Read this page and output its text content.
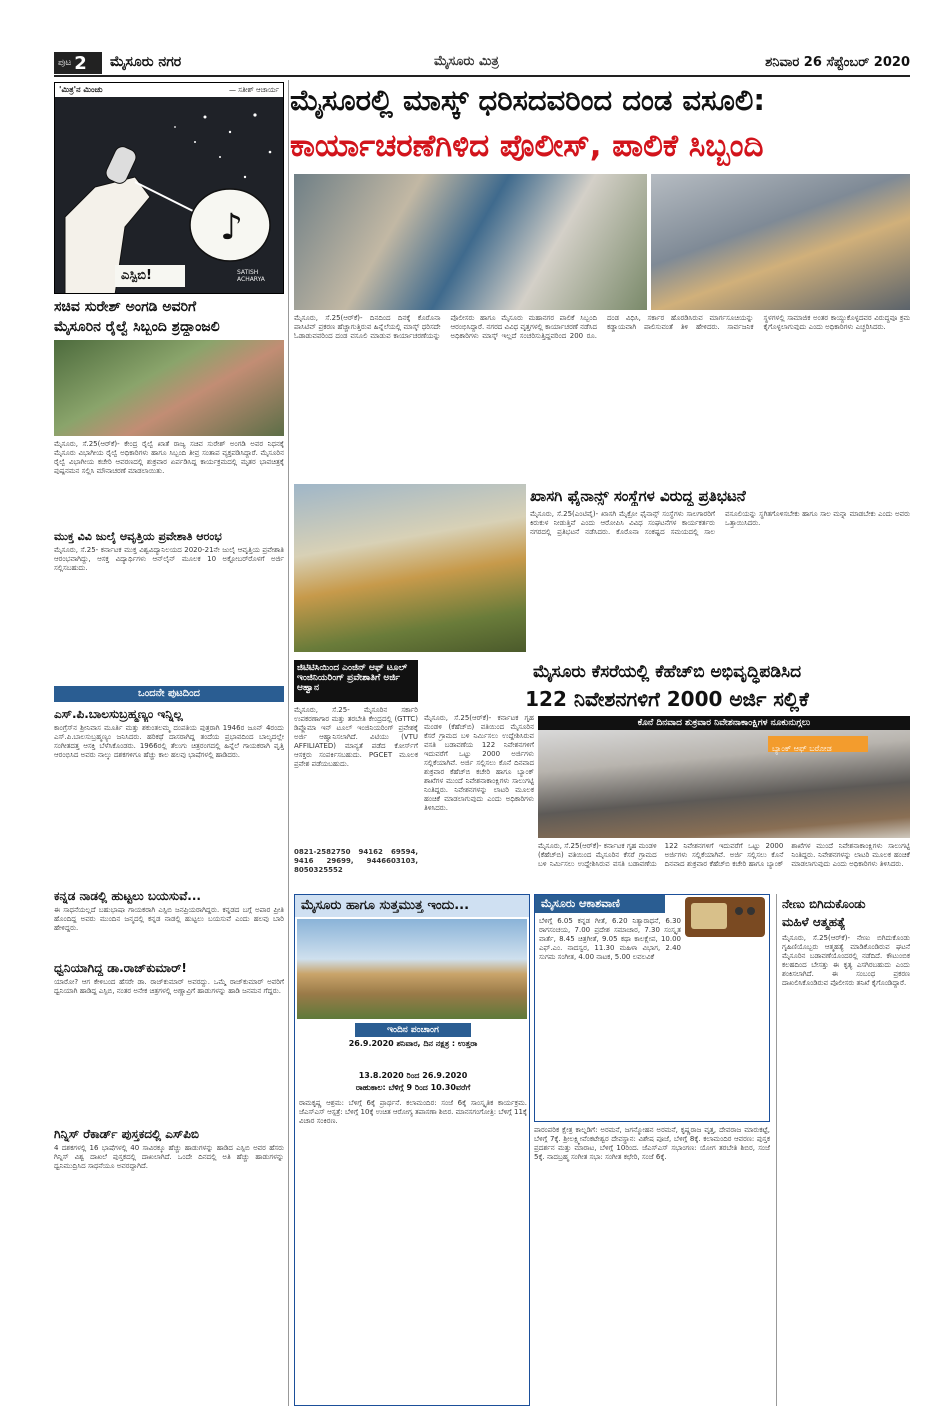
ಪುಟ 2 ಮೈಸೂರು ನಗರ	ಮೈಸೂರು ಮಿತ್ರ	ಶನಿವಾರ 26 ಸೆಪ್ಟೆಂಬರ್ 2020
'ಮಿತ್ರ'ನ ಮಿಂಚು	— ಸತೀಶ್ ಆಚಾರ್ಯ
♪
ಎಸ್ಪಿಬಿ!	SATISH ACHARYA
ಮೈಸೂರಲ್ಲಿ ಮಾಸ್ಕ್ ಧರಿಸದವರಿಂದ ದಂಡ ವಸೂಲಿ:
ಕಾರ್ಯಾಚರಣೆಗಿಳಿದ ಪೊಲೀಸ್, ಪಾಲಿಕೆ ಸಿಬ್ಬಂದಿ
ಮೈಸೂರು, ಸೆ.25(ಆರ್‌ಕೆ)- ದಿನದಿಂದ ದಿನಕ್ಕೆ ಕೊರೊನಾ ಪಾಸಿಟಿವ್ ಪ್ರಕರಣ ಹೆಚ್ಚಾಗುತ್ತಿರುವ ಹಿನ್ನೆಲೆಯಲ್ಲಿ ಮಾಸ್ಕ್ ಧರಿಸದೇ ಓಡಾಡುವವರಿಂದ ದಂಡ ವಸೂಲಿ ಮಾಡುವ ಕಾರ್ಯಾಚರಣೆಯನ್ನು ಪೊಲೀಸರು ಹಾಗೂ ಮೈಸೂರು ಮಹಾನಗರ ಪಾಲಿಕೆ ಸಿಬ್ಬಂದಿ ಆರಂಭಿಸಿದ್ದಾರೆ. ನಗರದ ವಿವಿಧ ವೃತ್ತಗಳಲ್ಲಿ ಕಾರ್ಯಾಚರಣೆ ನಡೆಸಿದ ಅಧಿಕಾರಿಗಳು ಮಾಸ್ಕ್ ಇಲ್ಲದೆ ಸಂಚರಿಸುತ್ತಿದ್ದವರಿಂದ 200 ರೂ. ದಂಡ ವಿಧಿಸಿ, ಸರ್ಕಾರ ಹೊರಡಿಸಿರುವ ಮಾರ್ಗಸೂಚಿಯನ್ನು ಕಡ್ಡಾಯವಾಗಿ ಪಾಲಿಸುವಂತೆ ತಿಳಿ ಹೇಳಿದರು. ಸಾರ್ವಜನಿಕ ಸ್ಥಳಗಳಲ್ಲಿ ಸಾಮಾಜಿಕ ಅಂತರ ಕಾಯ್ದುಕೊಳ್ಳದವರ ವಿರುದ್ಧವೂ ಕ್ರಮ ಕೈಗೊಳ್ಳಲಾಗುವುದು ಎಂದು ಅಧಿಕಾರಿಗಳು ಎಚ್ಚರಿಸಿದರು.
ಸಚಿವ ಸುರೇಶ್ ಅಂಗಡಿ ಅವರಿಗೆ
ಮೈಸೂರಿನ ರೈಲ್ವೆ ಸಿಬ್ಬಂದಿ ಶ್ರದ್ಧಾಂಜಲಿ
ಮೈಸೂರು, ಸೆ.25(ಆರ್‌ಕೆ)- ಕೇಂದ್ರ ರೈಲ್ವೆ ಖಾತೆ ರಾಜ್ಯ ಸಚಿವ ಸುರೇಶ್ ಅಂಗಡಿ ಅವರ ನಿಧನಕ್ಕೆ ಮೈಸೂರು ವಿಭಾಗೀಯ ರೈಲ್ವೆ ಅಧಿಕಾರಿಗಳು ಹಾಗೂ ಸಿಬ್ಬಂದಿ ತೀವ್ರ ಸಂತಾಪ ವ್ಯಕ್ತಪಡಿಸಿದ್ದಾರೆ. ಮೈಸೂರಿನ ರೈಲ್ವೆ ವಿಭಾಗೀಯ ಕಚೇರಿ ಆವರಣದಲ್ಲಿ ಶುಕ್ರವಾರ ಏರ್ಪಡಿಸಿದ್ದ ಕಾರ್ಯಕ್ರಮದಲ್ಲಿ ಮೃತರ ಭಾವಚಿತ್ರಕ್ಕೆ ಪುಷ್ಪನಮನ ಸಲ್ಲಿಸಿ ಮೌನಾಚರಣೆ ಮಾಡಲಾಯಿತು.
ಮುಕ್ತ ವಿವಿ ಜುಲೈ ಆವೃತ್ತಿಯ ಪ್ರವೇಶಾತಿ ಆರಂಭ
ಮೈಸೂರು, ಸೆ.25- ಕರ್ನಾಟಕ ಮುಕ್ತ ವಿಶ್ವವಿದ್ಯಾನಿಲಯದ 2020-21ನೇ ಜುಲೈ ಆವೃತ್ತಿಯ ಪ್ರವೇಶಾತಿ ಆರಂಭವಾಗಿದ್ದು, ಆಸಕ್ತ ವಿದ್ಯಾರ್ಥಿಗಳು ಆನ್‌ಲೈನ್ ಮೂಲಕ 10 ಅಕ್ಟೋಬರ್‌ರೊಳಗೆ ಅರ್ಜಿ ಸಲ್ಲಿಸಬಹುದು.
ಒಂದನೇ ಪುಟದಿಂದ
ಎಸ್.ಪಿ.ಬಾಲಸುಬ್ರಹ್ಮಣ್ಯಂ ಇನ್ನಿಲ್ಲ
ಕಾಂಗ್ರೆಸ್‌ನ ಶ್ರೀನಿವಾಸ ಮೂರ್ತಿ ಮತ್ತು ಶಕುಂತಲಮ್ಮ ದಂಪತಿಯ ಪುತ್ರರಾಗಿ 1946ರ ಜೂನ್ 4ರಂದು ಎಸ್.ಪಿ.ಬಾಲಸುಬ್ರಹ್ಮಣ್ಯಂ ಜನಿಸಿದರು. ಹರಿಕಥೆ ದಾಸರಾಗಿದ್ದ ತಂದೆಯ ಪ್ರಭಾವದಿಂದ ಬಾಲ್ಯದಲ್ಲೇ ಸಂಗೀತದತ್ತ ಆಸಕ್ತಿ ಬೆಳೆಸಿಕೊಂಡರು. 1966ರಲ್ಲಿ ತೆಲುಗು ಚಿತ್ರರಂಗದಲ್ಲಿ ಹಿನ್ನೆಲೆ ಗಾಯಕರಾಗಿ ವೃತ್ತಿ ಆರಂಭಿಸಿದ ಅವರು ನಾಲ್ಕು ದಶಕಗಳಿಗೂ ಹೆಚ್ಚು ಕಾಲ ಹಲವು ಭಾಷೆಗಳಲ್ಲಿ ಹಾಡಿದರು.
ಕನ್ನಡ ನಾಡಲ್ಲಿ ಹುಟ್ಟಲು ಬಯಸುವೆ...
ಈ ಸಾಧನೆಯಲ್ಲದೆ ಬಹುಭಾಷಾ ಗಾಯಕರಾಗಿ ಎಸ್ಪಿಬಿ ಜನಪ್ರಿಯರಾಗಿದ್ದರು. ಕನ್ನಡದ ಬಗ್ಗೆ ಅಪಾರ ಪ್ರೀತಿ ಹೊಂದಿದ್ದ ಅವರು ಮುಂದಿನ ಜನ್ಮದಲ್ಲಿ ಕನ್ನಡ ನಾಡಲ್ಲಿ ಹುಟ್ಟಲು ಬಯಸುವೆ ಎಂದು ಹಲವು ಬಾರಿ ಹೇಳಿದ್ದರು.
ಧ್ವನಿಯಾಗಿದ್ದ ಡಾ.ರಾಜ್‌ಕುಮಾರ್!
ಯಾರೋ? ಆಗ ಕೇಳಿಬಂದ ಹೆಸರೇ ಡಾ. ರಾಜ್‌ಕುಮಾರ್ ಅವರದ್ದು. ಒಮ್ಮೆ ರಾಜ್‌ಕುಮಾರ್ ಅವರಿಗೆ ಧ್ವನಿಯಾಗಿ ಹಾಡಿದ್ದ ಎಸ್ಪಿಬಿ, ನಂತರ ಅನೇಕ ಚಿತ್ರಗಳಲ್ಲಿ ಅಣ್ಣಾವ್ರಿಗೆ ಹಾಡುಗಳನ್ನು ಹಾಡಿ ಜನಮನ ಗೆದ್ದರು.
ಗಿನ್ನಿಸ್ ರೆಕಾರ್ಡ್ ಪುಸ್ತಕದಲ್ಲಿ ಎಸ್‌ಪಿಬಿ
4 ದಶಕಗಳಲ್ಲಿ 16 ಭಾಷೆಗಳಲ್ಲಿ 40 ಸಾವಿರಕ್ಕೂ ಹೆಚ್ಚು ಹಾಡುಗಳನ್ನು ಹಾಡಿದ ಎಸ್ಪಿಬಿ ಅವರ ಹೆಸರು ಗಿನ್ನಿಸ್ ವಿಶ್ವ ದಾಖಲೆ ಪುಸ್ತಕದಲ್ಲಿ ದಾಖಲಾಗಿದೆ. ಒಂದೇ ದಿನದಲ್ಲಿ ಅತಿ ಹೆಚ್ಚು ಹಾಡುಗಳನ್ನು ಧ್ವನಿಮುದ್ರಿಸಿದ ಸಾಧನೆಯೂ ಅವರದ್ದಾಗಿದೆ.
ಖಾಸಗಿ ಫೈನಾನ್ಸ್ ಸಂಸ್ಥೆಗಳ ವಿರುದ್ಧ ಪ್ರತಿಭಟನೆ
ಮೈಸೂರು, ಸೆ.25(ಎಂಟಿವೈ)- ಖಾಸಗಿ ಮೈಕ್ರೋ ಫೈನಾನ್ಸ್ ಸಂಸ್ಥೆಗಳು ಸಾಲಗಾರರಿಗೆ ಕಿರುಕುಳ ನೀಡುತ್ತಿವೆ ಎಂದು ಆರೋಪಿಸಿ ವಿವಿಧ ಸಂಘಟನೆಗಳ ಕಾರ್ಯಕರ್ತರು ನಗರದಲ್ಲಿ ಪ್ರತಿಭಟನೆ ನಡೆಸಿದರು. ಕೊರೊನಾ ಸಂಕಷ್ಟದ ಸಮಯದಲ್ಲಿ ಸಾಲ ವಸೂಲಿಯನ್ನು ಸ್ಥಗಿತಗೊಳಿಸಬೇಕು ಹಾಗೂ ಸಾಲ ಮನ್ನಾ ಮಾಡಬೇಕು ಎಂದು ಅವರು ಒತ್ತಾಯಿಸಿದರು.
ಜಿಟಿಟಿಸಿಯಿಂದ ಎಂಜಿನ್ ಆಫ್ ಟೂಲ್ ಇಂಜಿನಿಯರಿಂಗ್ ಪ್ರವೇಶಾತಿಗೆ ಅರ್ಜಿ ಆಹ್ವಾನ
ಮೈಸೂರು, ಸೆ.25- ಮೈಸೂರಿನ ಸರ್ಕಾರಿ ಉಪಕರಣಾಗಾರ ಮತ್ತು ತರಬೇತಿ ಕೇಂದ್ರದಲ್ಲಿ (GTTC) ಡಿಪ್ಲೊಮಾ ಇನ್ ಟೂಲ್ ಇಂಜಿನಿಯರಿಂಗ್ ಪ್ರವೇಶಕ್ಕೆ ಅರ್ಜಿ ಆಹ್ವಾನಿಸಲಾಗಿದೆ. ವಿಟಿಯು (VTU AFFILIATED) ಮಾನ್ಯತೆ ಪಡೆದ ಕೋರ್ಸ್‌ಗೆ ಆಸಕ್ತರು ಸಂಪರ್ಕಿಸಬಹುದು. PGCET ಮೂಲಕ ಪ್ರವೇಶ ಪಡೆಯಬಹುದು.
0821-2582750 94162 69594, 9416 29699, 9446603103, 8050325552
ಮೈಸೂರು ಕೆಸರೆಯಲ್ಲಿ ಕೆಹೆಚ್‌ಬಿ ಅಭಿವೃದ್ಧಿಪಡಿಸಿದ
122 ನಿವೇಶನಗಳಿಗೆ 2000 ಅರ್ಜಿ ಸಲ್ಲಿಕೆ
ಮೈಸೂರು, ಸೆ.25(ಆರ್‌ಕೆ)- ಕರ್ನಾಟಕ ಗೃಹ ಮಂಡಳಿ (ಕೆಹೆಚ್‌ಬಿ) ವತಿಯಿಂದ ಮೈಸೂರಿನ ಕೆಸರೆ ಗ್ರಾಮದ ಬಳಿ ನಿರ್ಮಿಸಲು ಉದ್ದೇಶಿಸಿರುವ ವಸತಿ ಬಡಾವಣೆಯ 122 ನಿವೇಶನಗಳಿಗೆ ಇದುವರೆಗೆ ಒಟ್ಟು 2000 ಅರ್ಜಿಗಳು ಸಲ್ಲಿಕೆಯಾಗಿವೆ. ಅರ್ಜಿ ಸಲ್ಲಿಸಲು ಕೊನೆ ದಿನವಾದ ಶುಕ್ರವಾರ ಕೆಹೆಚ್‌ಬಿ ಕಚೇರಿ ಹಾಗೂ ಬ್ಯಾಂಕ್ ಶಾಖೆಗಳ ಮುಂದೆ ನಿವೇಶನಾಕಾಂಕ್ಷಿಗಳು ಸಾಲುಗಟ್ಟಿ ನಿಂತಿದ್ದರು. ನಿವೇಶನಗಳನ್ನು ಲಾಟರಿ ಮೂಲಕ ಹಂಚಿಕೆ ಮಾಡಲಾಗುವುದು ಎಂದು ಅಧಿಕಾರಿಗಳು ತಿಳಿಸಿದರು.
ಕೊನೆ ದಿನವಾದ ಶುಕ್ರವಾರ ನಿವೇಶನಾಕಾಂಕ್ಷಿಗಳ ನೂಕುನುಗ್ಗಲು
ಬ್ಯಾಂಕ್ ಆಫ್ ಬರೋಡ
ಮೈಸೂರು, ಸೆ.25(ಆರ್‌ಕೆ)- ಕರ್ನಾಟಕ ಗೃಹ ಮಂಡಳಿ (ಕೆಹೆಚ್‌ಬಿ) ವತಿಯಿಂದ ಮೈಸೂರಿನ ಕೆಸರೆ ಗ್ರಾಮದ ಬಳಿ ನಿರ್ಮಿಸಲು ಉದ್ದೇಶಿಸಿರುವ ವಸತಿ ಬಡಾವಣೆಯ 122 ನಿವೇಶನಗಳಿಗೆ ಇದುವರೆಗೆ ಒಟ್ಟು 2000 ಅರ್ಜಿಗಳು ಸಲ್ಲಿಕೆಯಾಗಿವೆ. ಅರ್ಜಿ ಸಲ್ಲಿಸಲು ಕೊನೆ ದಿನವಾದ ಶುಕ್ರವಾರ ಕೆಹೆಚ್‌ಬಿ ಕಚೇರಿ ಹಾಗೂ ಬ್ಯಾಂಕ್ ಶಾಖೆಗಳ ಮುಂದೆ ನಿವೇಶನಾಕಾಂಕ್ಷಿಗಳು ಸಾಲುಗಟ್ಟಿ ನಿಂತಿದ್ದರು. ನಿವೇಶನಗಳನ್ನು ಲಾಟರಿ ಮೂಲಕ ಹಂಚಿಕೆ ಮಾಡಲಾಗುವುದು ಎಂದು ಅಧಿಕಾರಿಗಳು ತಿಳಿಸಿದರು.
ಮೈಸೂರು ಹಾಗೂ ಸುತ್ತಮುತ್ತ ಇಂದು...
ಇಂದಿನ ಪಂಚಾಂಗ
26.9.2020 ಶನಿವಾರ, ದಿನ ನಕ್ಷತ್ರ : ಉತ್ತರಾ
ರಾಹುಕಾಲ: ಬೆಳಿಗ್ಗೆ 9 ರಿಂದ 10.30ವರೆಗೆ
13.8.2020 ರಿಂದ 26.9.2020
ರಾಮಕೃಷ್ಣ ಆಶ್ರಮ: ಬೆಳಿಗ್ಗೆ 6ಕ್ಕೆ ಪ್ರಾರ್ಥನೆ. ಕಲಾಮಂದಿರ: ಸಂಜೆ 6ಕ್ಕೆ ಸಾಂಸ್ಕೃತಿಕ ಕಾರ್ಯಕ್ರಮ. ಜೆಎಸ್‌ಎಸ್ ಆಸ್ಪತ್ರೆ: ಬೆಳಿಗ್ಗೆ 10ಕ್ಕೆ ಉಚಿತ ಆರೋಗ್ಯ ತಪಾಸಣಾ ಶಿಬಿರ. ಮಾನಸಗಂಗೋತ್ರಿ: ಬೆಳಿಗ್ಗೆ 11ಕ್ಕೆ ವಿಚಾರ ಸಂಕಿರಣ.
ಮೈಸೂರು ಆಕಾಶವಾಣಿ
ಬೆಳಿಗ್ಗೆ 6.05 ಕನ್ನಡ ಗೀತೆ, 6.20 ನಿತ್ಯಾರಾಧನೆ, 6.30 ರಾಗಸಂಚಯ, 7.00 ಪ್ರದೇಶ ಸಮಾಚಾರ, 7.30 ಸಂಸ್ಕೃತ ವಾರ್ತೆ, 8.45 ಚಿತ್ರಗೀತೆ, 9.05 ಕಥಾ ಕಾಲಕ್ಷೇಪ, 10.00 ಎಫ್.ಎಂ. ನಾದಸ್ವರ, 11.30 ಮಹಿಳಾ ವಿಭಾಗ, 2.40 ಸುಗಮ ಸಂಗೀತ, 4.00 ನಾಟಕ, 5.00 ಲವಲವಿಕೆ
ನೇಣು ಬಿಗಿದುಕೊಂಡು
ಮಹಿಳೆ ಆತ್ಮಹತ್ಯೆ
ಮೈಸೂರು, ಸೆ.25(ಆರ್‌ಕೆ)- ನೇಣು ಬಿಗಿದುಕೊಂಡು ಗೃಹಿಣಿಯೊಬ್ಬರು ಆತ್ಮಹತ್ಯೆ ಮಾಡಿಕೊಂಡಿರುವ ಘಟನೆ ಮೈಸೂರಿನ ಬಡಾವಣೆಯೊಂದರಲ್ಲಿ ನಡೆದಿದೆ. ಕೌಟುಂಬಿಕ ಕಲಹದಿಂದ ಬೇಸತ್ತು ಈ ಕೃತ್ಯ ಎಸಗಿರಬಹುದು ಎಂದು ಶಂಕಿಸಲಾಗಿದೆ. ಈ ಸಂಬಂಧ ಪ್ರಕರಣ ದಾಖಲಿಸಿಕೊಂಡಿರುವ ಪೊಲೀಸರು ತನಿಖೆ ಕೈಗೊಂಡಿದ್ದಾರೆ.
ಪಾರಂಪರಿಕ ಕ್ಷೇತ್ರ ಕಾಲ್ನಡಿಗೆ: ಅರಮನೆ, ಜಗನ್ಮೋಹನ ಅರಮನೆ, ಕೃಷ್ಣರಾಜ ವೃತ್ತ, ದೇವರಾಜ ಮಾರುಕಟ್ಟೆ, ಬೆಳಿಗ್ಗೆ 7ಕ್ಕೆ. ಶ್ರೀಲಕ್ಷ್ಮೀವೆಂಕಟೇಶ್ವರ ದೇವಸ್ಥಾನ: ವಿಶೇಷ ಪೂಜೆ, ಬೆಳಿಗ್ಗೆ 8ಕ್ಕೆ. ಕಲಾಮಂದಿರ ಆವರಣ: ಪುಸ್ತಕ ಪ್ರದರ್ಶನ ಮತ್ತು ಮಾರಾಟ, ಬೆಳಿಗ್ಗೆ 10ರಿಂದ. ಜೆಎಸ್‌ಎಸ್ ಸಭಾಂಗಣ: ಯೋಗ ತರಬೇತಿ ಶಿಬಿರ, ಸಂಜೆ 5ಕ್ಕೆ. ನಾದಬ್ರಹ್ಮ ಸಂಗೀತ ಸಭಾ: ಸಂಗೀತ ಕಛೇರಿ, ಸಂಜೆ 6ಕ್ಕೆ.
